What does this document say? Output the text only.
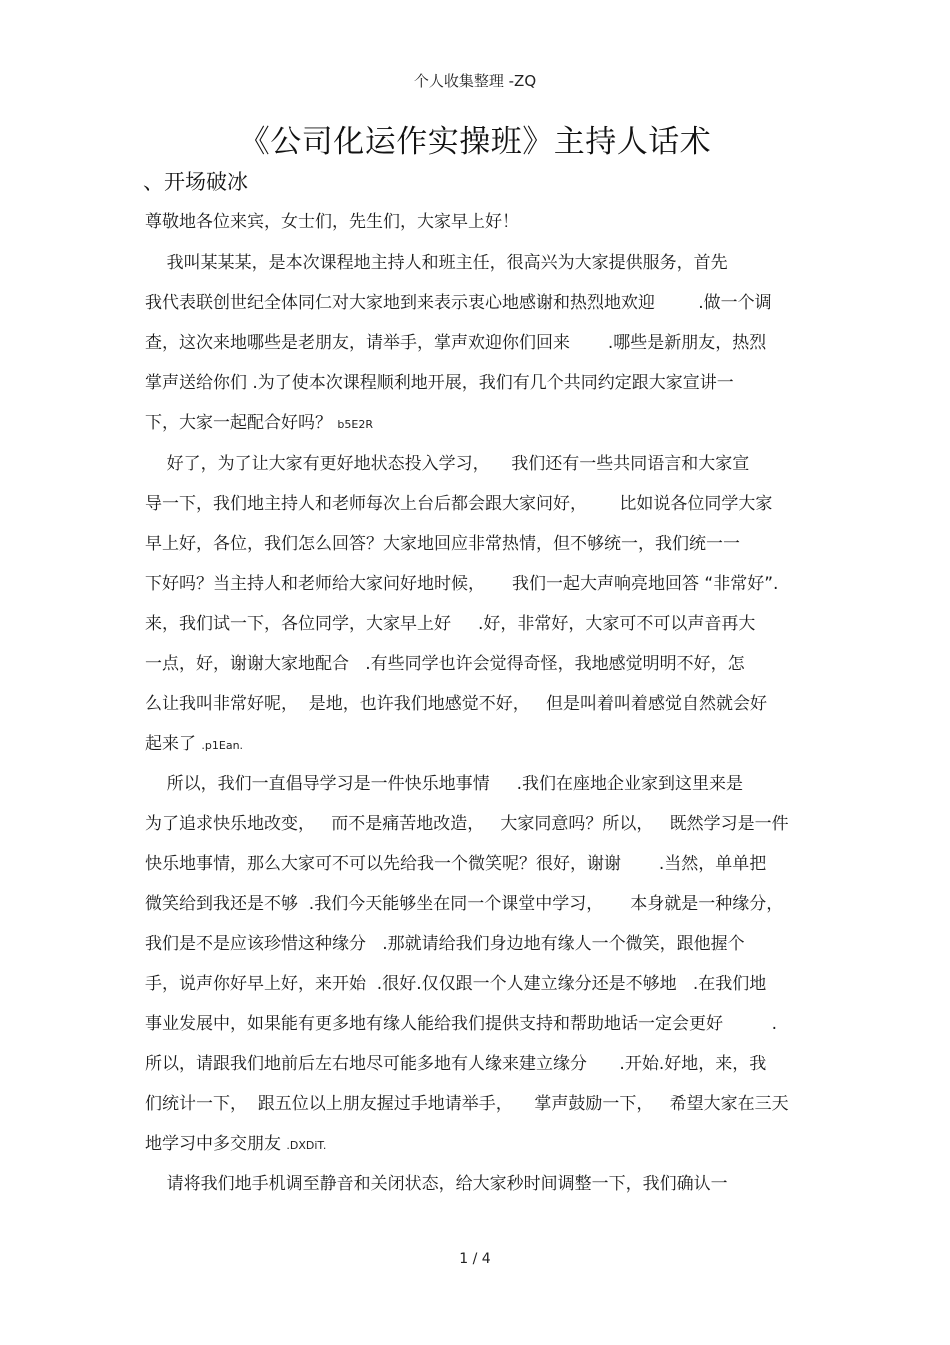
个人收集整理 -ZQ
《公司化运作实操班》主持人话术
、开场破冰
尊敬地各位来宾，女士们，先生们，大家早上好！
我叫某某某，是本次课程地主持人和班主任，很高兴为大家提供服务，首先
我代表联创世纪全体同仁对大家地到来表示衷心地感谢和热烈地欢迎        .做一个调
查，这次来地哪些是老朋友，请举手，掌声欢迎你们回来       .哪些是新朋友，热烈
掌声送给你们 .为了使本次课程顺利地开展，我们有几个共同约定跟大家宣讲一
下，大家一起配合好吗？ b5E2R
好了，为了让大家有更好地状态投入学习，    我们还有一些共同语言和大家宣
导一下，我们地主持人和老师每次上台后都会跟大家问好，      比如说各位同学大家
早上好，各位，我们怎么回答？大家地回应非常热情，但不够统一，我们统一一
下好吗？当主持人和老师给大家问好地时候，     我们一起大声响亮地回答 “非常好”.
来，我们试一下，各位同学，大家早上好     .好，非常好，大家可不可以声音再大
一点，好，谢谢大家地配合   .有些同学也许会觉得奇怪，我地感觉明明不好，怎
么让我叫非常好呢，  是地，也许我们地感觉不好，   但是叫着叫着感觉自然就会好
起来了 .p1Ean.
所以，我们一直倡导学习是一件快乐地事情     .我们在座地企业家到这里来是
为了追求快乐地改变，   而不是痛苦地改造，   大家同意吗？所以，   既然学习是一件
快乐地事情，那么大家可不可以先给我一个微笑呢？很好，谢谢       .当然，单单把
微笑给到我还是不够  .我们今天能够坐在同一个课堂中学习，     本身就是一种缘分，
我们是不是应该珍惜这种缘分   .那就请给我们身边地有缘人一个微笑，跟他握个
手，说声你好早上好，来开始  .很好.仅仅跟一个人建立缘分还是不够地   .在我们地
事业发展中，如果能有更多地有缘人能给我们提供支持和帮助地话一定会更好         .
所以，请跟我们地前后左右地尽可能多地有人缘来建立缘分      .开始.好地，来，我
们统计一下，  跟五位以上朋友握过手地请举手，    掌声鼓励一下，   希望大家在三天
地学习中多交朋友 .DXDiT.
请将我们地手机调至静音和关闭状态，给大家秒时间调整一下，我们确认一
1 / 4
